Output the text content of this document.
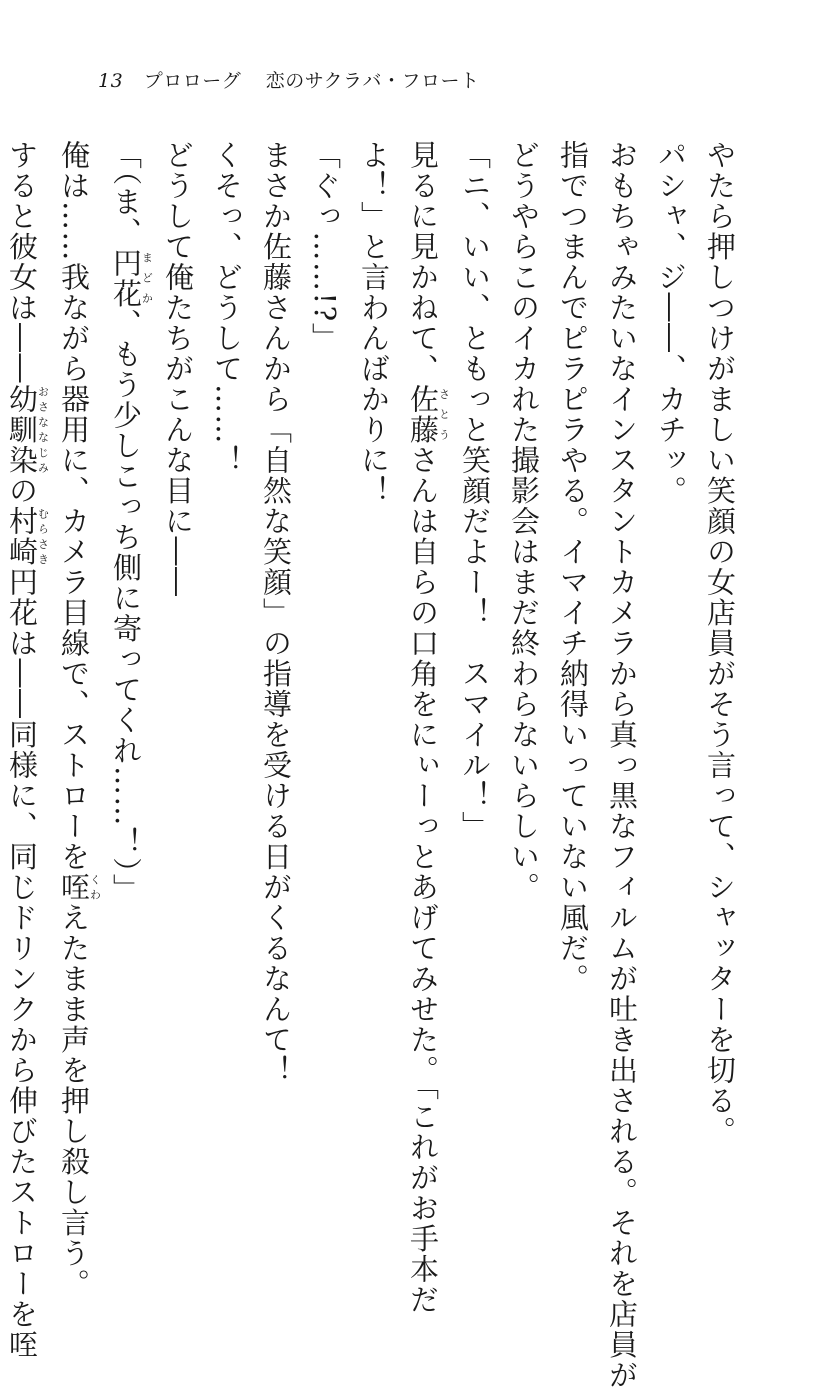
13 プロローグ 恋のサクラバ・フロート
やたら押しつけがましい笑顔の女店員がそう言って、シャッターを切る。
パシャ、ジ――、カチッ。
おもちゃみたいなインスタントカメラから真っ黒なフィルムが吐き出される。それを店員が
指でつまんでピラピラやる。イマイチ納得いっていない風だ。
どうやらこのイカれた撮影会はまだ終わらないらしい。
「ニ、いい、ともっと笑顔だよー！　スマイル！」
見るに見かねて、佐藤さとうさんは自らの口角をにぃーっとあげてみせた。「これがお手本だ
よ！」と言わんばかりに！
「ぐっ……!?」
まさか佐藤さんから「自然な笑顔」の指導を受ける日がくるなんて！
くそっ、どうして……！
どうして俺たちがこんな目に――
「（ま、円花まどか、もう少しこっち側に寄ってくれ……！）」
俺は……我ながら器用に、カメラ目線で、ストローを咥くわえたまま声を押し殺し言う。
すると彼女は――幼馴染おさななじみの村崎むらさき円花は――同様に、同じドリンクから伸びたストローを咥
